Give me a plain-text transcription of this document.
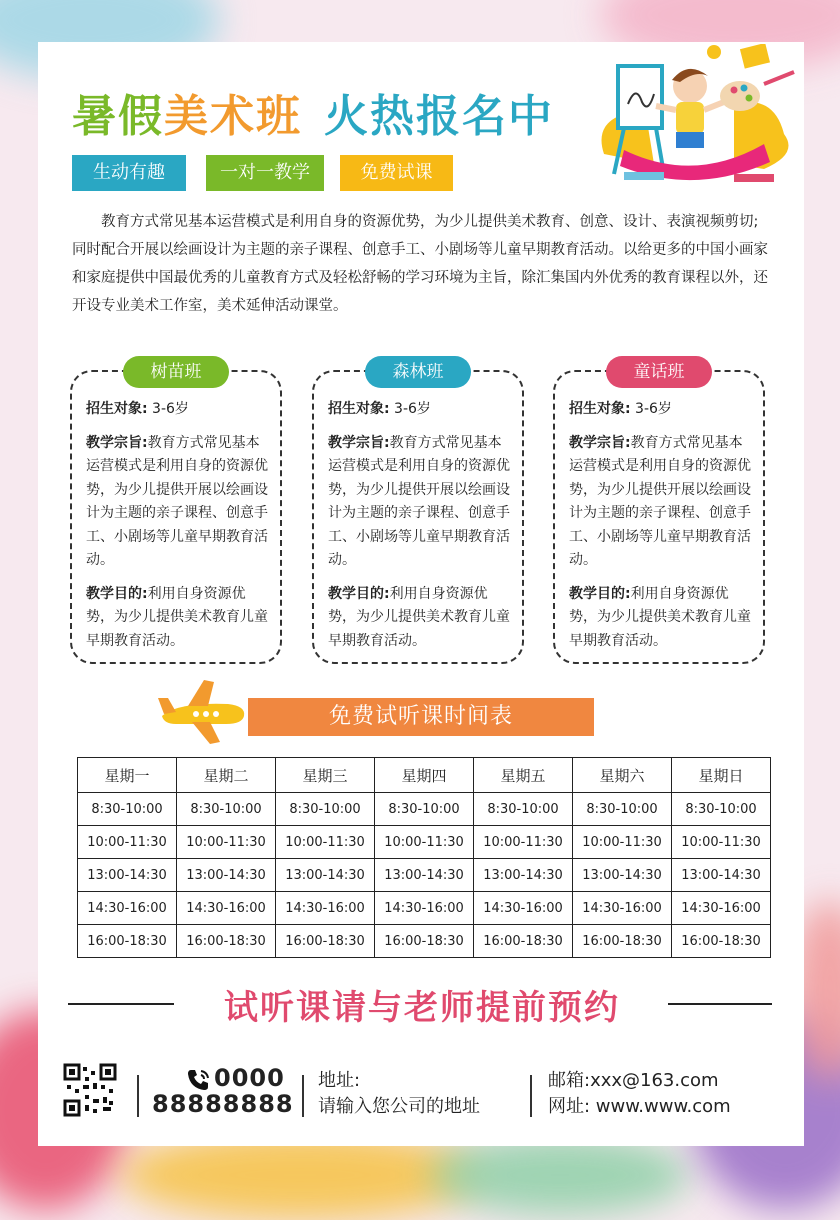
暑假美术班 火热报名中
生动有趣	一对一教学	免费试课

教育方式常见基本运营模式是利用自身的资源优势，为少儿提供美术教育、创意、设计、表演视频剪切;同时配合开展以绘画设计为主题的亲子课程、创意手工、小剧场等儿童早期教育活动。以给更多的中国小画家和家庭提供中国最优秀的儿童教育方式及轻松舒畅的学习环境为主旨，除汇集国内外优秀的教育课程以外，还开设专业美术工作室，美术延伸活动课堂。

树苗班

招生对象: 3-6岁

教学宗旨:教育方式常见基本运营模式是利用自身的资源优势，为少儿提供开展以绘画设计为主题的亲子课程、创意手工、小剧场等儿童早期教育活动。

教学目的:利用自身资源优势，为少儿提供美术教育儿童早期教育活动。

森林班

招生对象: 3-6岁

教学宗旨:教育方式常见基本运营模式是利用自身的资源优势，为少儿提供开展以绘画设计为主题的亲子课程、创意手工、小剧场等儿童早期教育活动。

教学目的:利用自身资源优势，为少儿提供美术教育儿童早期教育活动。

童话班

招生对象: 3-6岁

教学宗旨:教育方式常见基本运营模式是利用自身的资源优势，为少儿提供开展以绘画设计为主题的亲子课程、创意手工、小剧场等儿童早期教育活动。

教学目的:利用自身资源优势，为少儿提供美术教育儿童早期教育活动。

免费试听课时间表
星期一	星期二	星期三	星期四	星期五	星期六	星期日
8:30-10:00	8:30-10:00	8:30-10:00	8:30-10:00	8:30-10:00	8:30-10:00	8:30-10:00
10:00-11:30	10:00-11:30	10:00-11:30	10:00-11:30	10:00-11:30	10:00-11:30	10:00-11:30
13:00-14:30	13:00-14:30	13:00-14:30	13:00-14:30	13:00-14:30	13:00-14:30	13:00-14:30
14:30-16:00	14:30-16:00	14:30-16:00	14:30-16:00	14:30-16:00	14:30-16:00	14:30-16:00
16:00-18:30	16:00-18:30	16:00-18:30	16:00-18:30	16:00-18:30	16:00-18:30	16:00-18:30
试听课请与老师提前预约
0000
88888888
地址:
请输入您公司的地址
邮箱:xxx@163.com
网址: www.www.com
